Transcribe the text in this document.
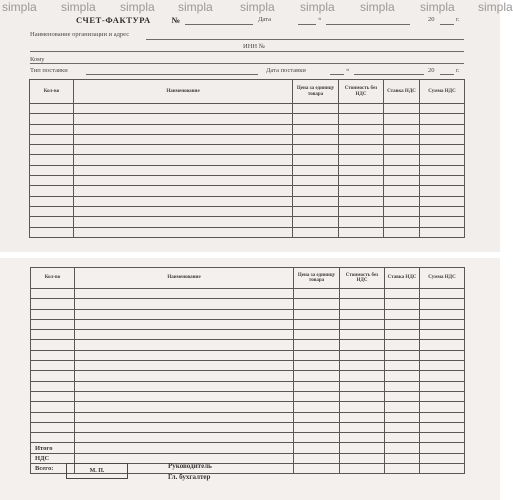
simpla simpla simpla simpla simpla simpla simpla simpla simpla
СЧЕТ-ФАКТУРА №	Дата	«	20	г.
Наименование организации и адрес
ИНН №
Кому
Тип поставки	Дата поставки	«	20	г.
Кол-во	Наименование	Цена за единицу товара	Стоимость без НДС	Ставка НДС	Сумма НДС

Кол-во	Наименование	Цена за единицу товара	Стоимость без НДС	Ставка НДС	Сумма НДС

Итого					
НДС					
Всего:						М. П.
Руководитель
Гл. бухгалтер
